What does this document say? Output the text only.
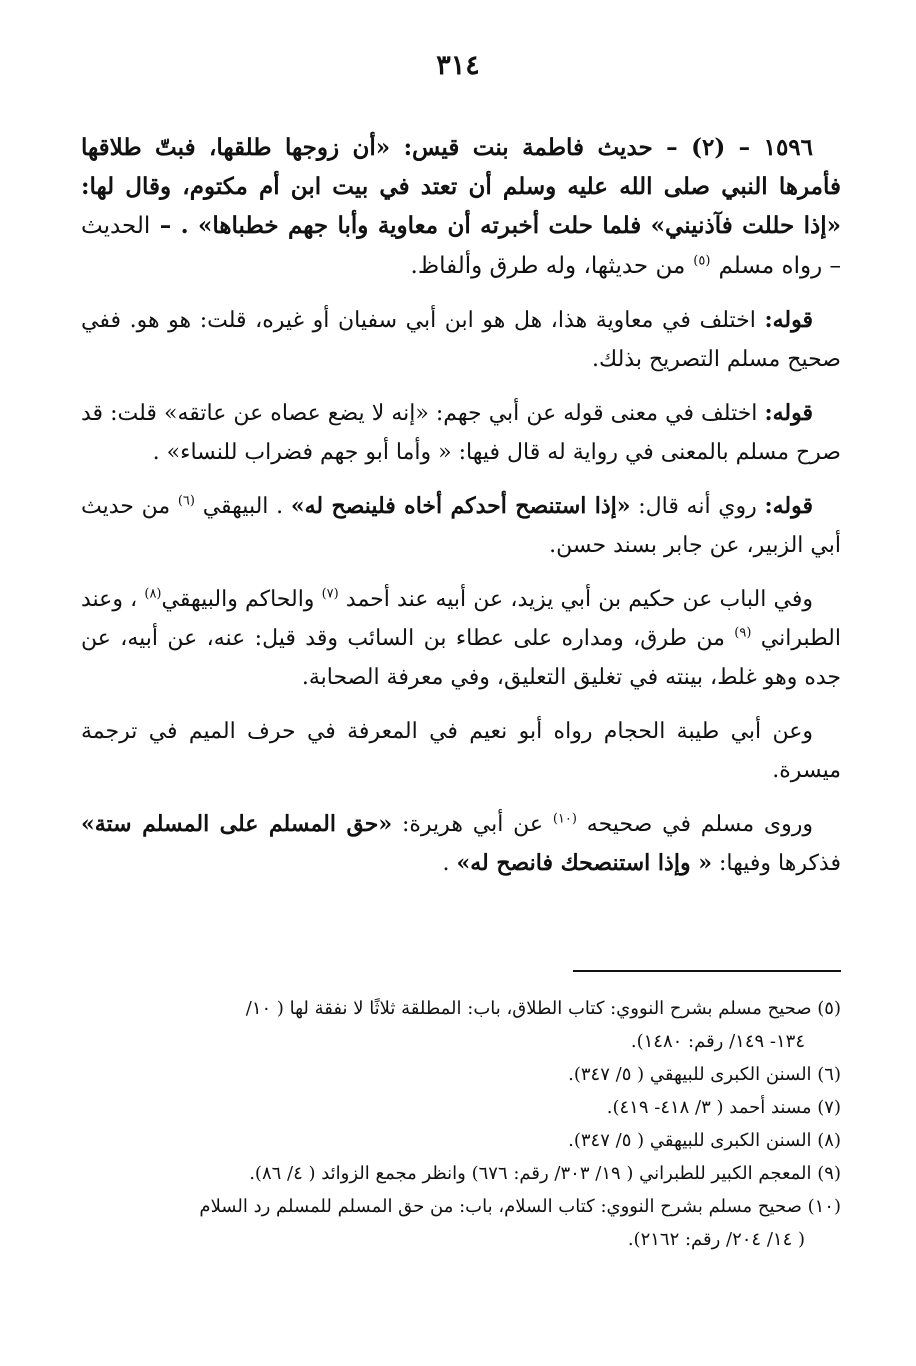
٣١٤

١٥٩٦ – (٢) – حديث فاطمة بنت قيس: «أن زوجها طلقها، فبتّ طلاقها فأمرها النبي صلى الله عليه وسلم أن تعتد في بيت ابن أم مكتوم، وقال لها: «إذا حللت فآذنيني» فلما حلت أخبرته أن معاوية وأبا جهم خطباها» . – الحديث – رواه مسلم $^{(٥)}$ من حديثها، وله طرق وألفاظ.

قوله: اختلف في معاوية هذا، هل هو ابن أبي سفيان أو غيره، قلت: هو هو. ففي صحيح مسلم التصريح بذلك.

قوله: اختلف في معنى قوله عن أبي جهم: «إنه لا يضع عصاه عن عاتقه» قلت: قد صرح مسلم بالمعنى في رواية له قال فيها: « وأما أبو جهم فضراب للنساء» .

قوله: روي أنه قال: «إذا استنصح أحدكم أخاه فلينصح له» . البيهقي $^{(٦)}$ من حديث أبي الزبير، عن جابر بسند حسن.

وفي الباب عن حكيم بن أبي يزيد، عن أبيه عند أحمد $^{(٧)}$ والحاكم والبيهقي$^{(٨)}$ ، وعند الطبراني $^{(٩)}$ من طرق، ومداره على عطاء بن السائب وقد قيل: عنه، عن أبيه، عن جده وهو غلط، بينته في تغليق التعليق، وفي معرفة الصحابة.

وعن أبي طيبة الحجام رواه أبو نعيم في المعرفة في حرف الميم في ترجمة ميسرة.

وروى مسلم في صحيحه $^{(١٠)}$ عن أبي هريرة: «حق المسلم على المسلم ستة» فذكرها وفيها: « وإذا استنصحك فانصح له» .

(٥) صحيح مسلم بشرح النووي: كتاب الطلاق، باب: المطلقة ثلاثًا لا نفقة لها ( ١٠/
١٣٤- ١٤٩/ رقم: ١٤٨٠).

(٦) السنن الكبرى للبيهقي ( ٥/ ٣٤٧).

(٧) مسند أحمد ( ٣/ ٤١٨- ٤١٩).

(٨) السنن الكبرى للبيهقي ( ٥/ ٣٤٧).

(٩) المعجم الكبير للطبراني ( ١٩/ ٣٠٣/ رقم: ٦٧٦) وانظر مجمع الزوائد ( ٤/ ٨٦).

(١٠) صحيح مسلم بشرح النووي: كتاب السلام، باب: من حق المسلم للمسلم رد السلام
( ١٤/ ٢٠٤/ رقم: ٢١٦٢).
